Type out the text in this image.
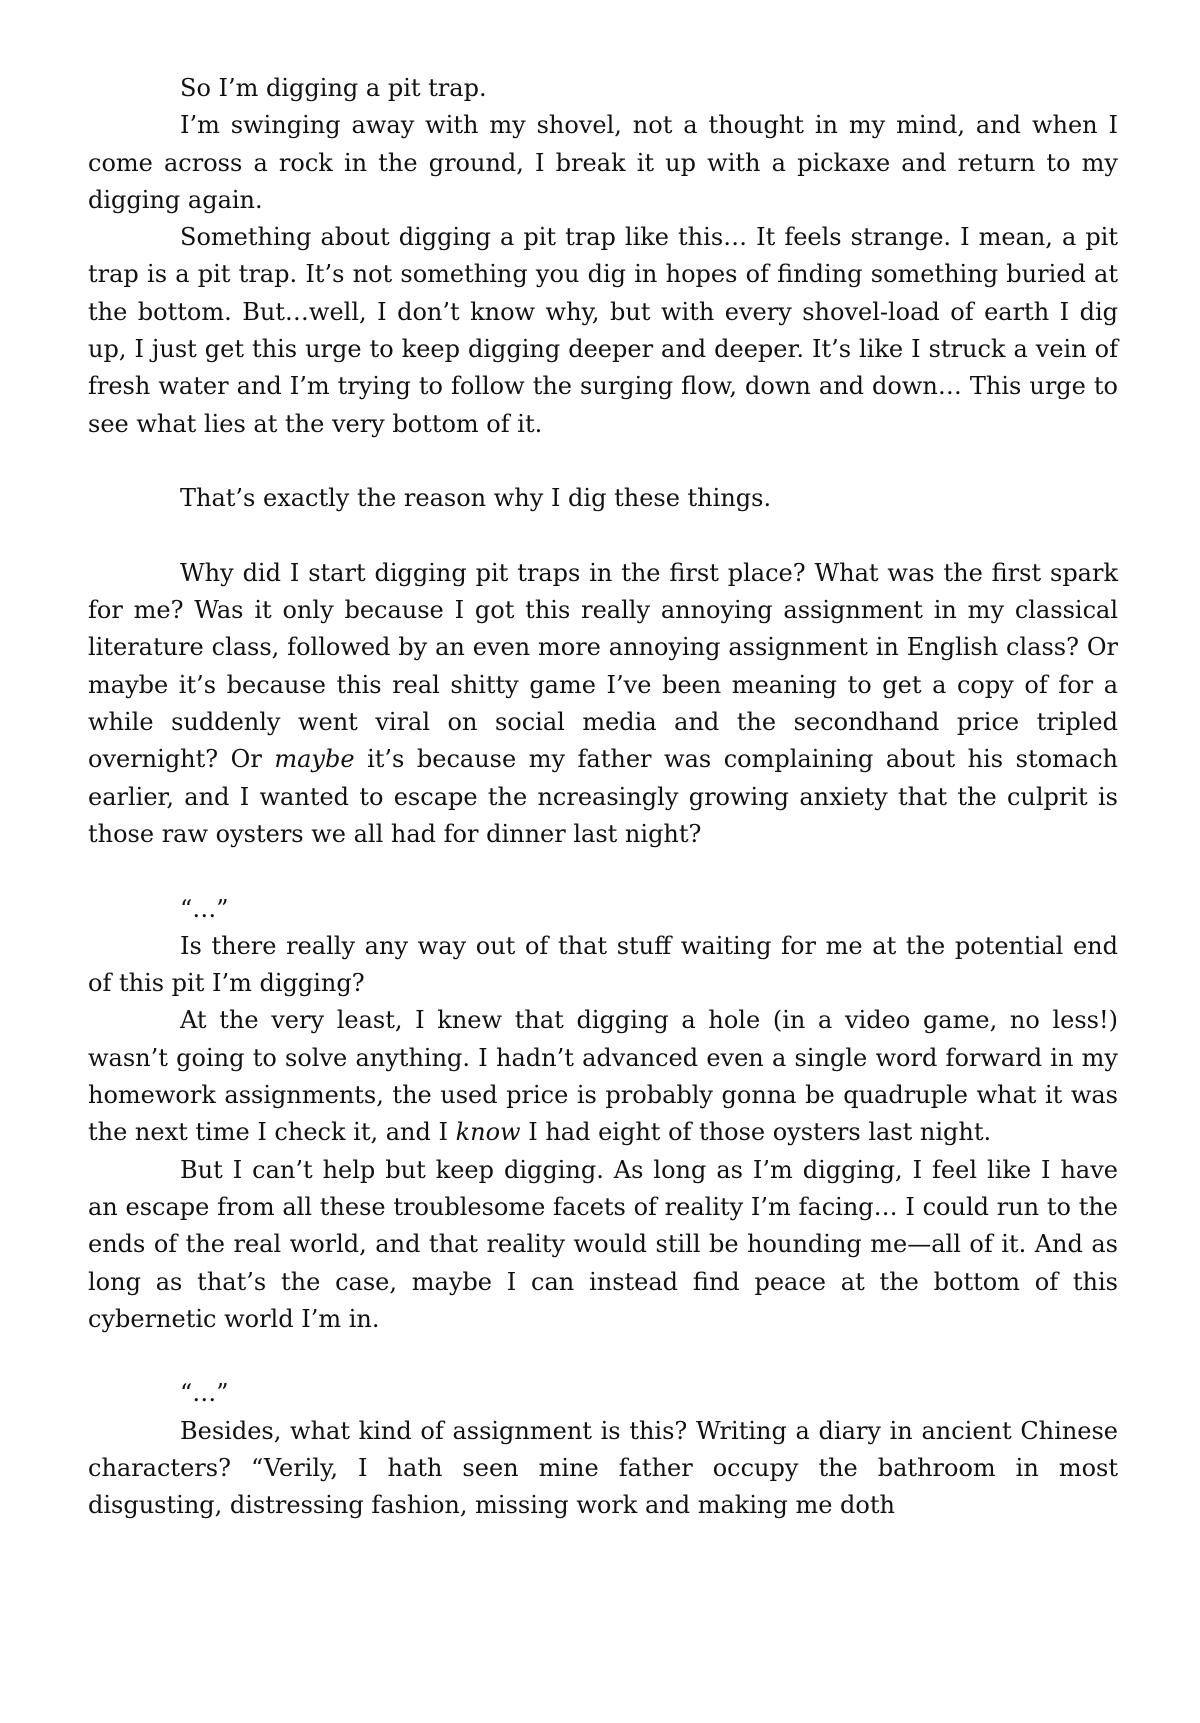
So I’m digging a pit trap.

I’m swinging away with my shovel, not a thought in my mind, and when I come across a rock in the ground, I break it up with a pickaxe and return to my digging again.

Something about digging a pit trap like this… It feels strange. I mean, a pit trap is a pit trap. It’s not something you dig in hopes of finding something buried at the bottom. But…well, I don’t know why, but with every shovel-load of earth I dig up, I just get this urge to keep digging deeper and deeper. It’s like I struck a vein of fresh water and I’m trying to follow the surging flow, down and down… This urge to see what lies at the very bottom of it.

That’s exactly the reason why I dig these things.

Why did I start digging pit traps in the first place? What was the first spark for me? Was it only because I got this really annoying assignment in my classical literature class, followed by an even more annoying assignment in English class? Or maybe it’s because this real shitty game I’ve been meaning to get a copy of for a while suddenly went viral on social media and the secondhand price tripled overnight? Or maybe it’s because my father was complaining about his stomach earlier, and I wanted to escape the ncreasingly growing anxiety that the culprit is those raw oysters we all had for dinner last night?

“…”

Is there really any way out of that stuff waiting for me at the potential end of this pit I’m digging?

At the very least, I knew that digging a hole (in a video game, no less!) wasn’t going to solve anything. I hadn’t advanced even a single word forward in my homework assignments, the used price is probably gonna be quadruple what it was the next time I check it, and I know I had eight of those oysters last night.

But I can’t help but keep digging. As long as I’m digging, I feel like I have an escape from all these troublesome facets of reality I’m facing… I could run to the ends of the real world, and that reality would still be hounding me—all of it. And as long as that’s the case, maybe I can instead find peace at the bottom of this cybernetic world I’m in.

“…”

Besides, what kind of assignment is this? Writing a diary in ancient Chinese characters? “Verily, I hath seen mine father occupy the bathroom in most disgusting, distressing fashion, missing work and making me doth
